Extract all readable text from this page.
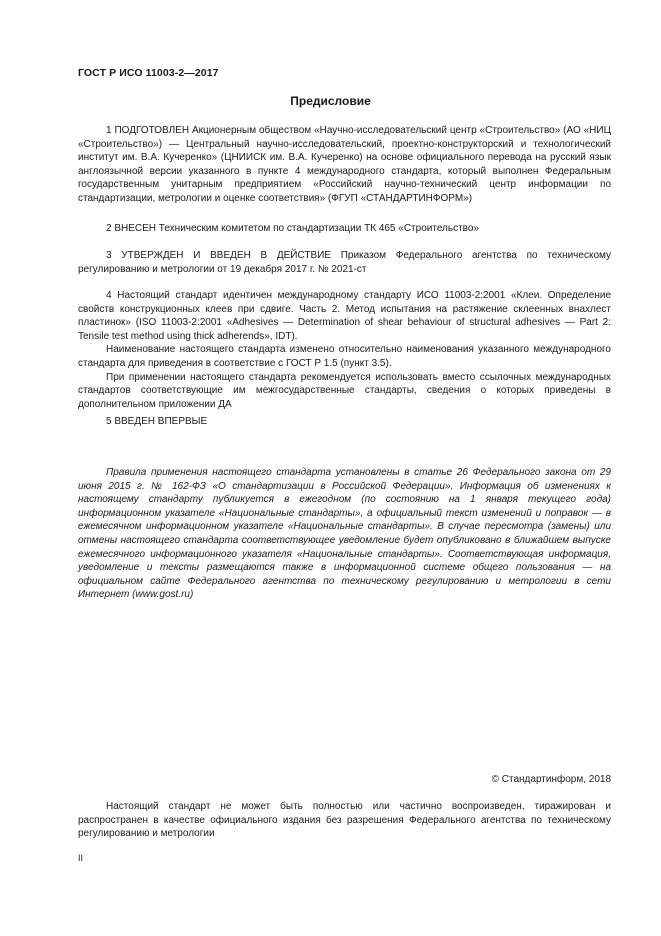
ГОСТ Р ИСО 11003-2—2017
Предисловие

1 ПОДГОТОВЛЕН Акционерным обществом «Научно-исследовательский центр «Строительство» (АО «НИЦ «Строительство») — Центральный научно-исследовательский, проектно-конструкторский и технологический институт им. В.А. Кучеренко» (ЦНИИСК им. В.А. Кучеренко) на основе официального перевода на русский язык англоязычной версии указанного в пункте 4 международного стандарта, который выполнен Федеральным государственным унитарным предприятием «Российский научно-технический центр информации по стандартизации, метрологии и оценке соответствия» (ФГУП «СТАНДАРТИНФОРМ»)

2 ВНЕСЕН Техническим комитетом по стандартизации ТК 465 «Строительство»

3 УТВЕРЖДЕН И ВВЕДЕН В ДЕЙСТВИЕ Приказом Федерального агентства по техническому регулированию и метрологии от 19 декабря 2017 г. № 2021-ст

4 Настоящий стандарт идентичен международному стандарту ИСО 11003-2:2001 «Клеи. Определение свойств конструкционных клеев при сдвиге. Часть 2. Метод испытания на растяжение склеенных внахлест пластинок» (ISO 11003-2:2001 «Adhesives — Determination of shear behaviour of structural adhesives — Part 2: Tensile test method using thick adherends», IDT).

Наименование настоящего стандарта изменено относительно наименования указанного международного стандарта для приведения в соответствие с ГОСТ Р 1.5 (пункт 3.5).

При применении настоящего стандарта рекомендуется использовать вместо ссылочных международных стандартов соответствующие им межгосударственные стандарты, сведения о которых приведены в дополнительном приложении ДА

5 ВВЕДЕН ВПЕРВЫЕ

Правила применения настоящего стандарта установлены в статье 26 Федерального закона от 29 июня 2015 г. № 162-ФЗ «О стандартизации в Российской Федерации». Информация об изменениях к настоящему стандарту публикуется в ежегодном (по состоянию на 1 января текущего года) информационном указателе «Национальные стандарты», а официальный текст изменений и поправок — в ежемесячном информационном указателе «Национальные стандарты». В случае пересмотра (замены) или отмены настоящего стандарта соответствующее уведомление будет опубликовано в ближайшем выпуске ежемесячного информационного указателя «Национальные стандарты». Соответствующая информация, уведомление и тексты размещаются также в информационной системе общего пользования — на официальном сайте Федерального агентства по техническому регулированию и метрологии в сети Интернет (www.gost.ru)
© Стандартинформ, 2018
Настоящий стандарт не может быть полностью или частично воспроизведен, тиражирован и распространен в качестве официального издания без разрешения Федерального агентства по техническому регулированию и метрологии
II
